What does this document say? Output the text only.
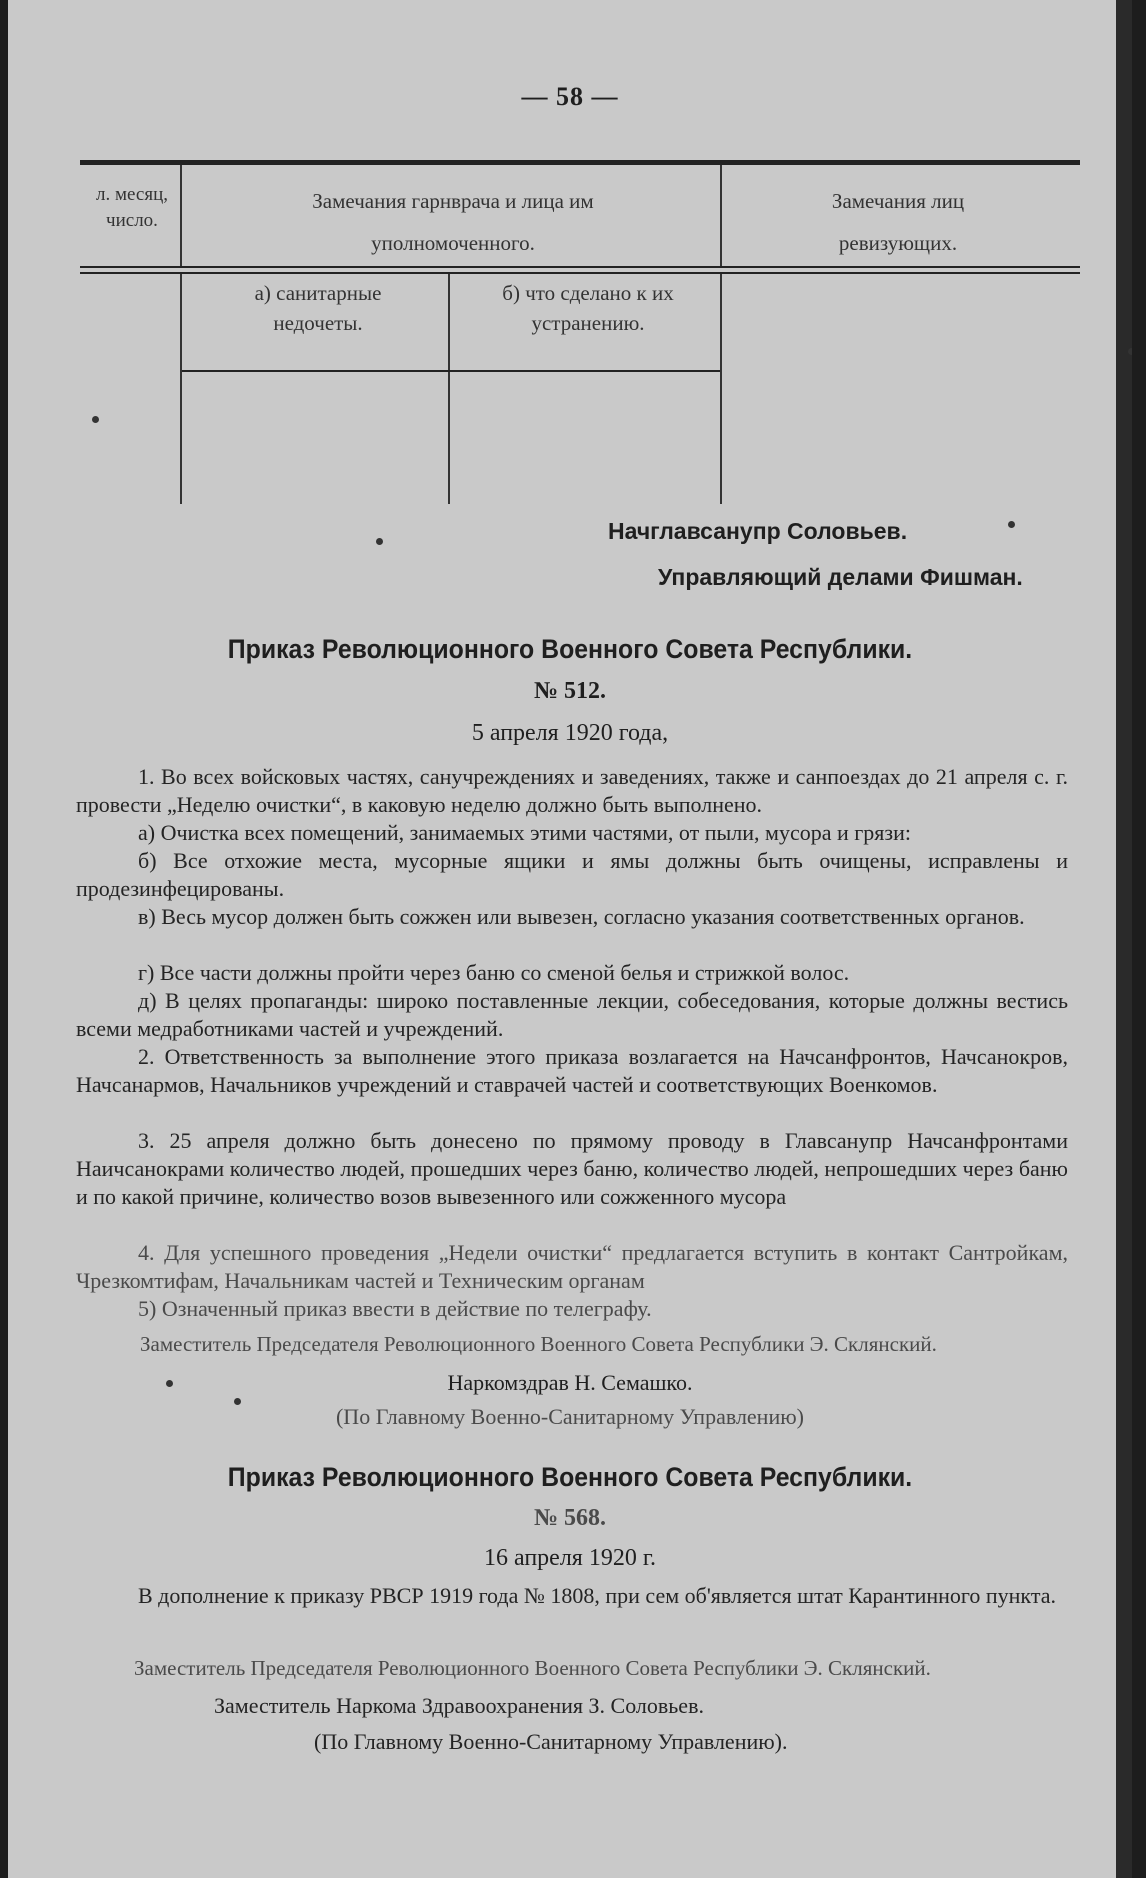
— 58 —
л. месяц, число.
Замечания гарнврача и лица им уполномоченного.
Замечания лиц ревизующих.
а) санитарные недочеты.
б) что сделано к их устранению.
Начглавсанупр Соловьев.
Управляющий делами Фишман.
Приказ Революционного Военного Совета Республики.
№ 512.
5 апреля 1920 года,
1. Во всех войсковых частях, санучреждениях и заведениях, также и санпоездах до 21 апреля с. г. провести „Неделю очистки“, в каковую неделю должно быть выполнено.
а) Очистка всех помещений, занимаемых этими частями, от пыли, мусора и грязи:
б) Все отхожие места, мусорные ящики и ямы должны быть очищены, исправлены и продезинфецированы.
в) Весь мусор должен быть сожжен или вывезен, согласно указания соответственных органов.
г) Все части должны пройти через баню со сменой белья и стрижкой волос.
д) В целях пропаганды: широко поставленные лекции, собеседования, которые должны вестись всеми медработниками частей и учреждений.
2. Ответственность за выполнение этого приказа возлагается на Начсанфронтов, Начсанокров, Начсанармов, Начальников учреждений и ставрачей частей и соответствующих Военкомов.
3. 25 апреля должно быть донесено по прямому проводу в Главсанупр Начсанфронтами Наичсанокрами количество людей, прошедших через баню, количество людей, непрошедших через баню и по какой причине, количество возов вывезенного или сожженного мусора
4. Для успешного проведения „Недели очистки“ предлагается вступить в контакт Сантройкам, Чрезкомтифам, Начальникам частей и Техническим органам
5) Означенный приказ ввести в действие по телеграфу.
Заместитель Председателя Революционного Военного Совета Республики Э. Склянский.
Наркомздрав Н. Семашко.
(По Главному Военно-Санитарному Управлению)
Приказ Революционного Военного Совета Республики.
№ 568.
16 апреля 1920 г.
В дополнение к приказу РВСР 1919 года № 1808, при сем об'является штат Карантинного пункта.
Заместитель Председателя Революционного Военного Совета Республики Э. Склянский.
Заместитель Наркома Здравоохранения З. Соловьев.
(По Главному Военно-Санитарному Управлению).
